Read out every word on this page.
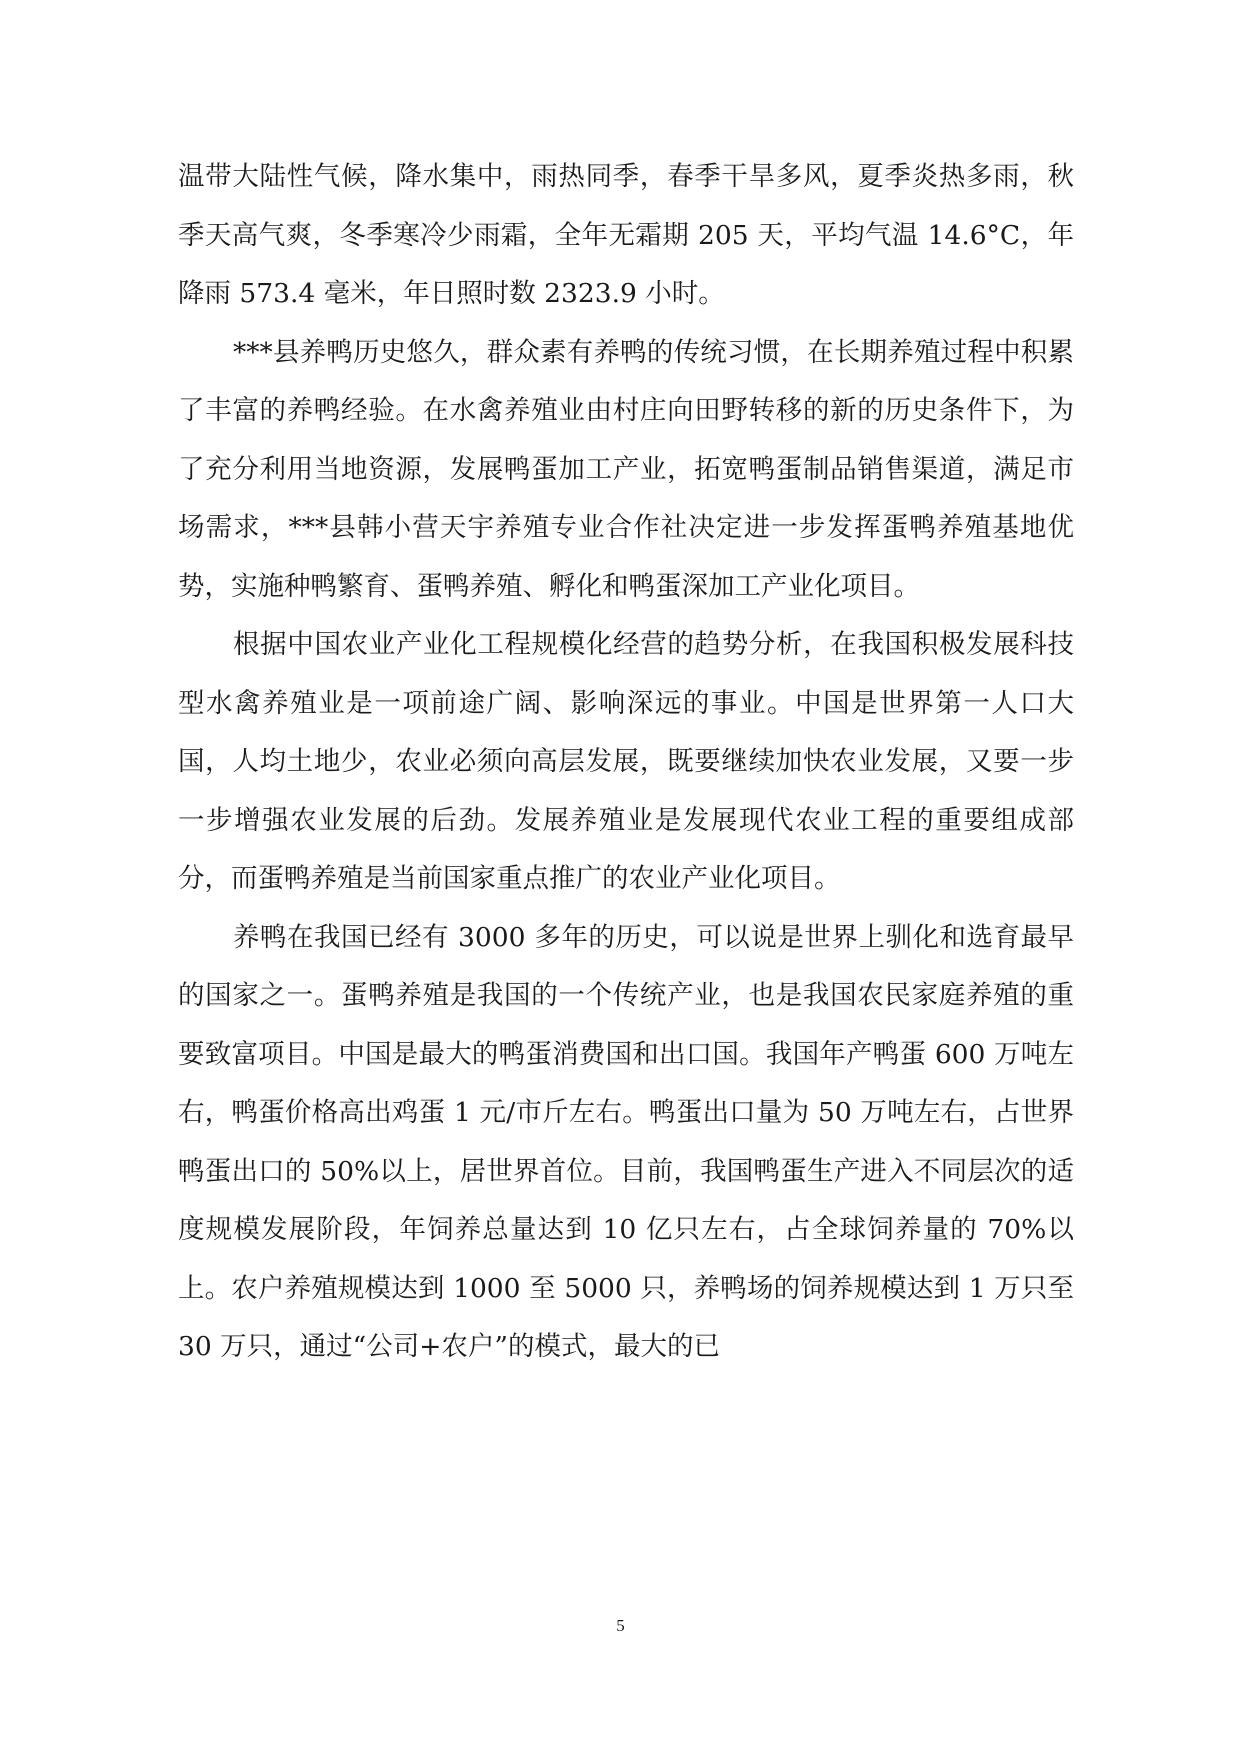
温带大陆性气候，降水集中，雨热同季，春季干旱多风，夏季炎热多雨，秋季天高气爽，冬季寒冷少雨霜，全年无霜期 205 天，平均气温 14.6°C，年降雨 573.4 毫米，年日照时数 2323.9 小时。

***县养鸭历史悠久，群众素有养鸭的传统习惯，在长期养殖过程中积累了丰富的养鸭经验。在水禽养殖业由村庄向田野转移的新的历史条件下，为了充分利用当地资源，发展鸭蛋加工产业，拓宽鸭蛋制品销售渠道，满足市场需求，***县韩小营天宇养殖专业合作社决定进一步发挥蛋鸭养殖基地优势，实施种鸭繁育、蛋鸭养殖、孵化和鸭蛋深加工产业化项目。

根据中国农业产业化工程规模化经营的趋势分析，在我国积极发展科技型水禽养殖业是一项前途广阔、影响深远的事业。中国是世界第一人口大国，人均土地少，农业必须向高层发展，既要继续加快农业发展，又要一步一步增强农业发展的后劲。发展养殖业是发展现代农业工程的重要组成部分，而蛋鸭养殖是当前国家重点推广的农业产业化项目。

养鸭在我国已经有 3000 多年的历史，可以说是世界上驯化和选育最早的国家之一。蛋鸭养殖是我国的一个传统产业，也是我国农民家庭养殖的重要致富项目。中国是最大的鸭蛋消费国和出口国。我国年产鸭蛋 600 万吨左右，鸭蛋价格高出鸡蛋 1 元/市斤左右。鸭蛋出口量为 50 万吨左右，占世界鸭蛋出口的 50%以上，居世界首位。目前，我国鸭蛋生产进入不同层次的适度规模发展阶段，年饲养总量达到 10 亿只左右，占全球饲养量的 70%以上。农户养殖规模达到 1000 至 5000 只，养鸭场的饲养规模达到 1 万只至 30 万只，通过“公司+农户”的模式，最大的已

5
